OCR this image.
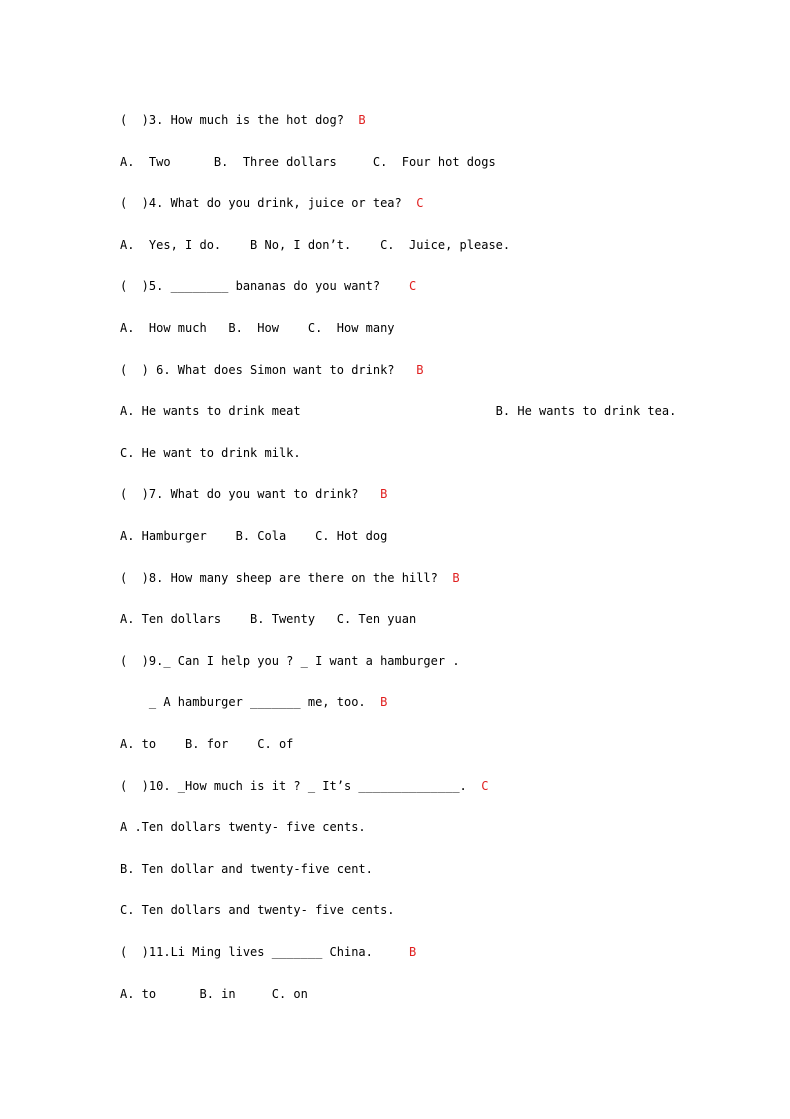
(  )3. How much is the hot dog?  B
A.  Two      B.  Three dollars     C.  Four hot dogs
(  )4. What do you drink, juice or tea?  C
A.  Yes, I do.    B No, I don’t.    C.  Juice, please.
(  )5. ________ bananas do you want?    C
A.  How much   B.  How    C.  How many
(  ) 6. What does Simon want to drink?   B
A. He wants to drink meat                           B. He wants to drink tea.
C. He want to drink milk.
(  )7. What do you want to drink?   B
A. Hamburger    B. Cola    C. Hot dog
(  )8. How many sheep are there on the hill?  B
A. Ten dollars    B. Twenty   C. Ten yuan
(  )9._ Can I help you ? _ I want a hamburger .
_ A hamburger _______ me, too.  B
A. to    B. for    C. of
(  )10. _How much is it ? _ It’s ______________.  C
A .Ten dollars twenty- five cents.
B. Ten dollar and twenty-five cent.
C. Ten dollars and twenty- five cents.
(  )11.Li Ming lives _______ China.     B
A. to      B. in     C. on
